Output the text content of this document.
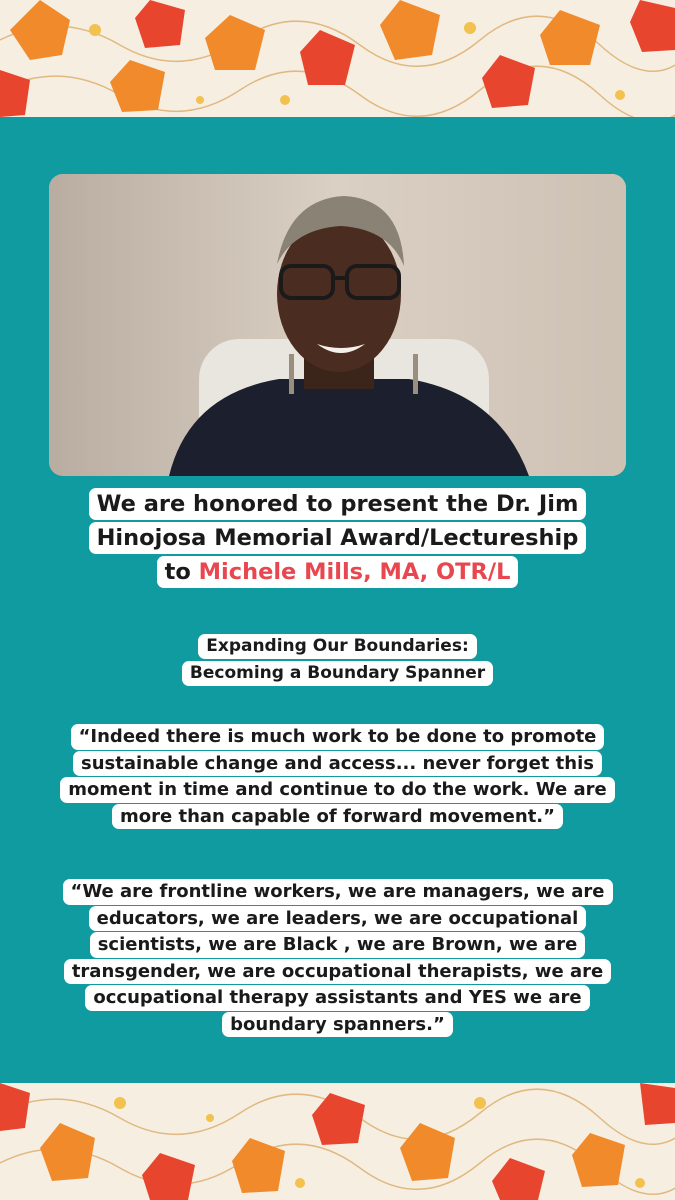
We are honored to present the Dr. Jim
Hinojosa Memorial Award/Lectureship
to Michele Mills, MA, OTR/L
Expanding Our Boundaries:
Becoming a Boundary Spanner
“Indeed there is much work to be done to promote
sustainable change and access... never forget this
moment in time and continue to do the work. We are
more than capable of forward movement.”
“We are frontline workers, we are managers, we are
educators, we are leaders, we are occupational
scientists, we are Black , we are Brown, we are
transgender, we are occupational therapists, we are
occupational therapy assistants and YES we are
boundary spanners.”
